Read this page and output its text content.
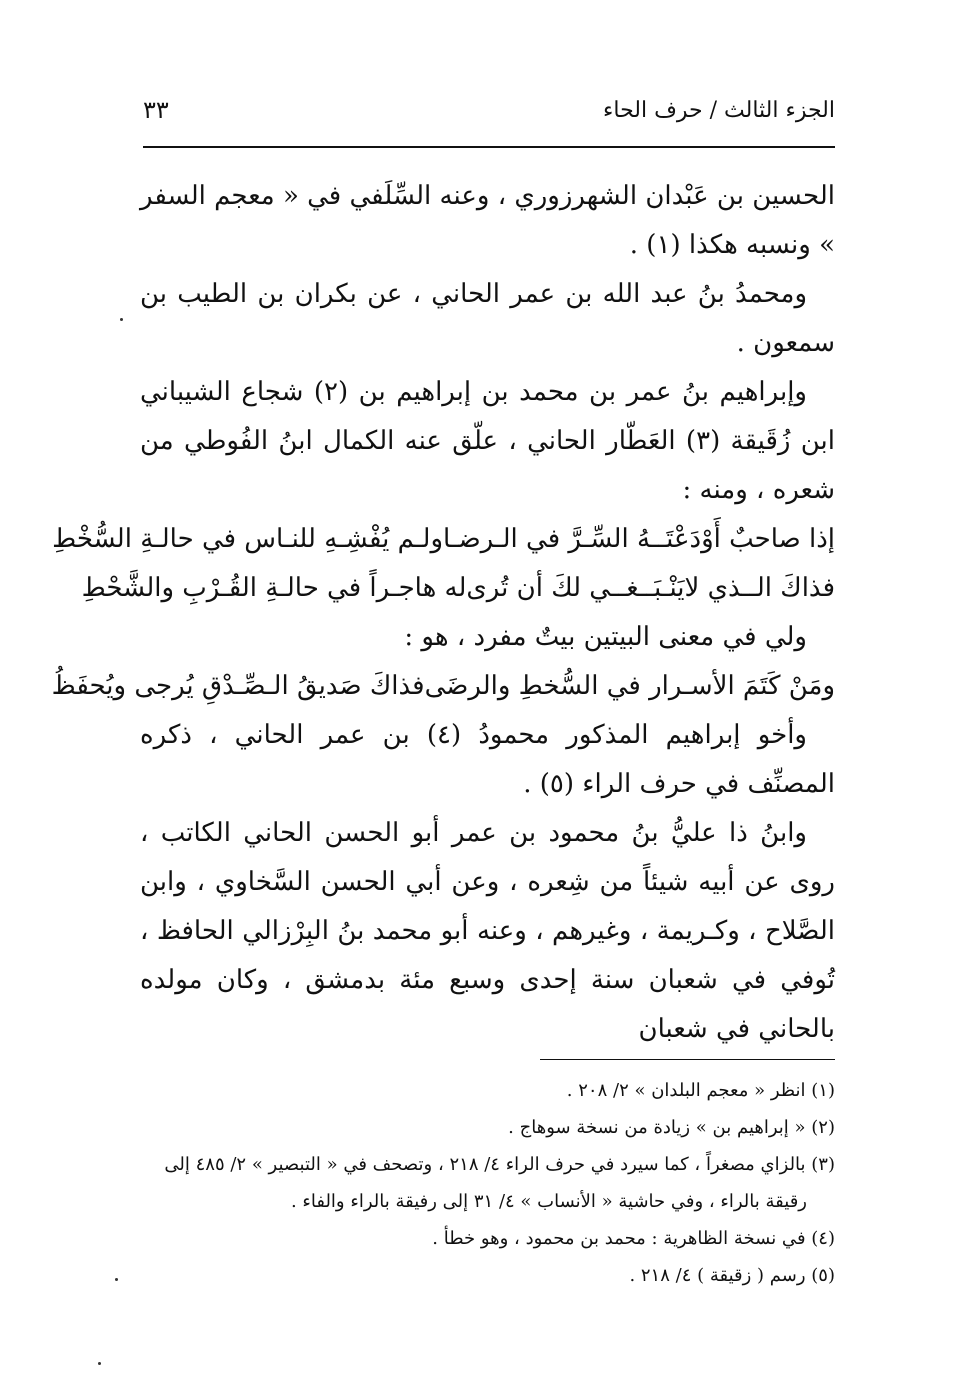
الجزء الثالث / حرف الحاء
٣٣

الحسين بن عَبْدان الشهرزوري ، وعنه السِّلَفي في « معجم السفر » ونسبه هكذا (١) .

ومحمدُ بنُ عبد الله بن عمر الحاني ، عن بكران بن الطيب بن سمعون .

وإبراهيم بنُ عمر بن محمد بن إبراهيم بن (٢) شجاع الشيباني ابن زُقَيقة (٣) العَطّار الحاني ، علّق عنه الكمال ابنُ الفُوطي من شعره ، ومنه :

إذا صاحبٌ أَوْدَعْتَــهُ السِّـرَّ في الـرضـا
ولـم يُفْشِـهِ للنـاس في حالـةِ السُّخْطِ
فذاكَ الــذي لايَنْـبَــغــي لكَ أن تُرى
له هاجـراً في حالـةِ القُـرْبِ والشَّحْطِ

ولي في معنى البيتين بيتٌ مفرد ، هو :

ومَنْ كَتَمَ الأسـرار في السُّخطِ والرضَى
فذاكَ صَديقُ الـصِّـدْقِ يُرجى ويُحفَظُ

وأخو إبراهيم المذكور محمودُ (٤) بن عمر الحاني ، ذكره المصنِّف في حرف الراء (٥) .

وابنُ ذا عليُّ بنُ محمود بن عمر أبو الحسن الحاني الكاتب ، روى عن أبيه شيئاً من شِعره ، وعن أبي الحسن السَّخاوي ، وابن الصَّلاح ، وكـريمة ، وغيرهم ، وعنه أبو محمد بنُ البِرْزالي الحافظ ، تُوفي في شعبان سنة إحدى وسبع مئة بدمشق ، وكان مولده بالحاني في شعبان

(١) انظر « معجم البلدان » ٢/ ٢٠٨ .

(٢) « إبراهيم بن » زيادة من نسخة سوهاج .

(٣) بالزاي مصغراً ، كما سيرد في حرف الراء ٤/ ٢١٨ ، وتصحف في « التبصير » ٢/ ٤٨٥ إلى

رقيقة بالراء ، وفي حاشية « الأنساب » ٤/ ٣١ إلى رفيقة بالراء والفاء .

(٤) في نسخة الظاهرية : محمد بن محمود ، وهو خطأ .

(٥) رسم ( زقيقة ) ٤/ ٢١٨ .
